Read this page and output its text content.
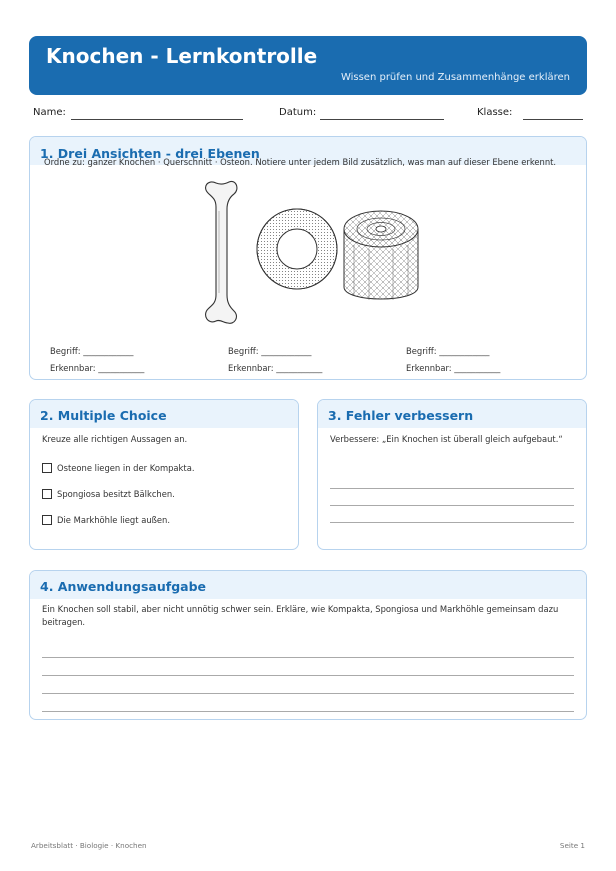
Knochen - Lernkontrolle
Wissen prüfen und Zusammenhänge erklären
Name:	Datum:	Klasse:
1. Drei Ansichten - drei Ebenen
Ordne zu: ganzer Knochen · Querschnitt · Osteon. Notiere unter jedem Bild zusätzlich, was man auf dieser Ebene erkennt.
Begriff: ____________
Erkennbar: ___________
Begriff: ____________
Erkennbar: ___________
Begriff: ____________
Erkennbar: ___________
2. Multiple Choice
Kreuze alle richtigen Aussagen an.
Osteone liegen in der Kompakta.
Spongiosa besitzt Bälkchen.
Die Markhöhle liegt außen.
3. Fehler verbessern
Verbessere: „Ein Knochen ist überall gleich aufgebaut.“
4. Anwendungsaufgabe
Ein Knochen soll stabil, aber nicht unnötig schwer sein. Erkläre, wie Kompakta, Spongiosa und Markhöhle gemeinsam dazu beitragen.
Arbeitsblatt · Biologie · Knochen	Seite 1
